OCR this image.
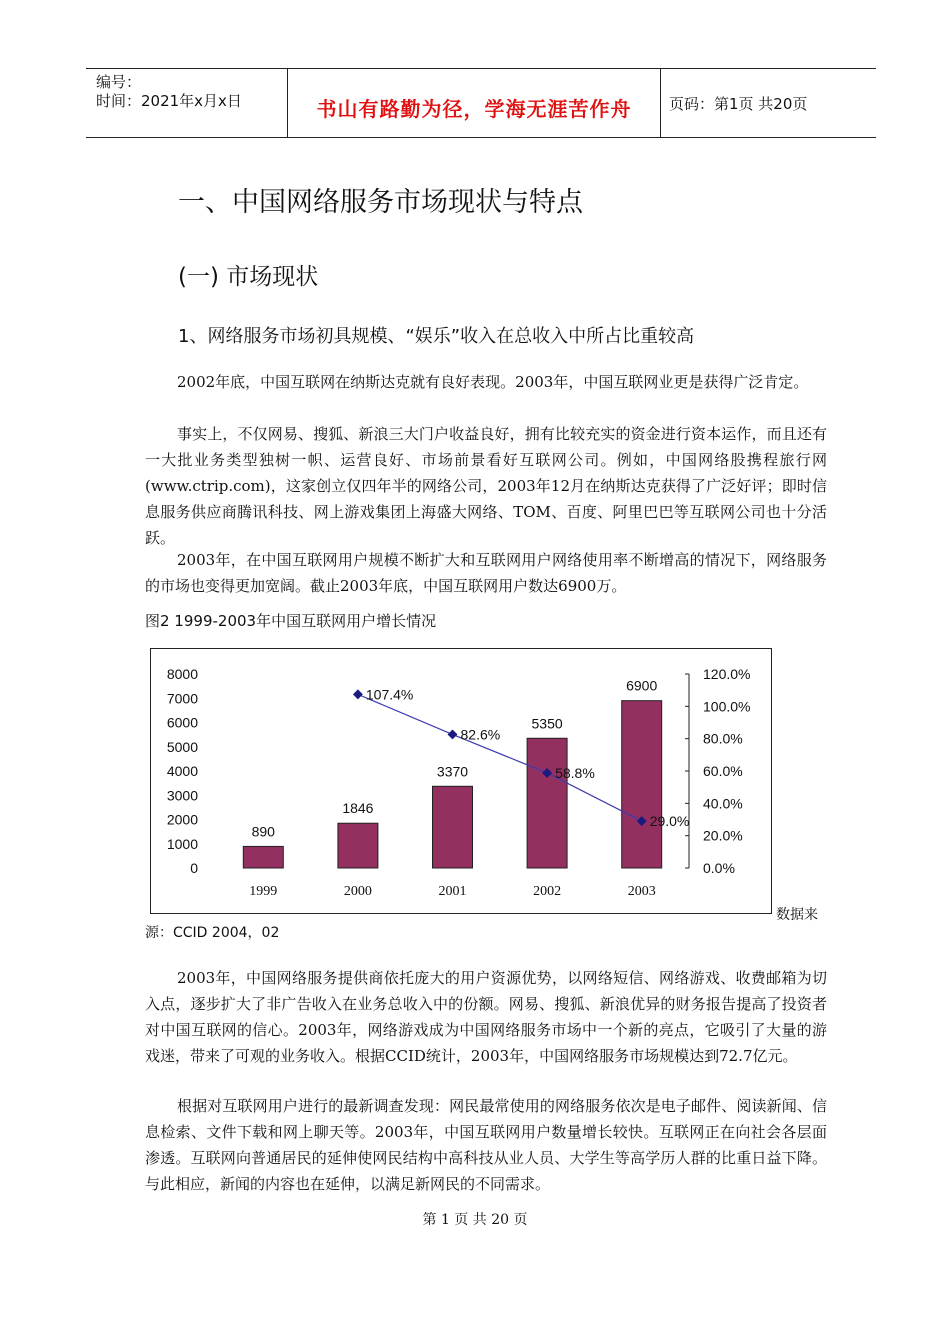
编号：
时间：2021年x月x日	书山有路勤为径，学海无涯苦作舟	页码：第1页 共20页
一、中国网络服务市场现状与特点
(一) 市场现状
1、网络服务市场初具规模、“娱乐”收入在总收入中所占比重较高
2002年底，中国互联网在纳斯达克就有良好表现。2003年，中国互联网业更是获得广泛肯定。
事实上，不仅网易、搜狐、新浪三大门户收益良好，拥有比较充实的资金进行资本运作，而且还有一大批业务类型独树一帜、运营良好、市场前景看好互联网公司。例如，中国网络股携程旅行网(www.ctrip.com)，这家创立仅四年半的网络公司，2003年12月在纳斯达克获得了广泛好评；即时信息服务供应商腾讯科技、网上游戏集团上海盛大网络、TOM、百度、阿里巴巴等互联网公司也十分活跃。
2003年，在中国互联网用户规模不断扩大和互联网用户网络使用率不断增高的情况下，网络服务的市场也变得更加宽阔。截止2003年底，中国互联网用户数达6900万。
图2 1999-2003年中国互联网用户增长情况
0
1000
2000
3000
4000
5000
6000
7000
8000
0.0%
20.0%
40.0%
60.0%
80.0%
100.0%
120.0%
890
1846
3370
5350
6900
1999	2000	2001	2002	2003
107.4%
82.6%
58.8%
29.0%
数据来
源：CCID 2004，02
2003年，中国网络服务提供商依托庞大的用户资源优势，以网络短信、网络游戏、收费邮箱为切入点，逐步扩大了非广告收入在业务总收入中的份额。网易、搜狐、新浪优异的财务报告提高了投资者对中国互联网的信心。2003年，网络游戏成为中国网络服务市场中一个新的亮点，它吸引了大量的游戏迷，带来了可观的业务收入。根据CCID统计，2003年，中国网络服务市场规模达到72.7亿元。
根据对互联网用户进行的最新调查发现：网民最常使用的网络服务依次是电子邮件、阅读新闻、信息检索、文件下载和网上聊天等。2003年，中国互联网用户数量增长较快。互联网正在向社会各层面渗透。互联网向普通居民的延伸使网民结构中高科技从业人员、大学生等高学历人群的比重日益下降。与此相应，新闻的内容也在延伸，以满足新网民的不同需求。
第 1 页 共 20 页
